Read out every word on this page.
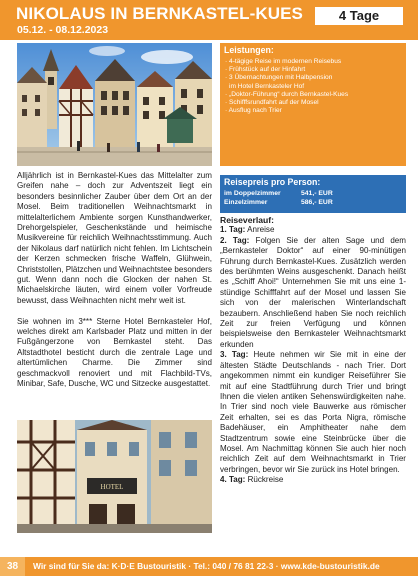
NIKOLAUS IN BERNKASTEL-KUES
05.12. - 08.12.2023
4 Tage
Leistungen:
· 4-tägige Reise im modernen Reisebus
· Frühstück auf der Hinfahrt
· 3 Übernachtungen mit Halbpension
im Hotel Bernkasteler Hof
· „Doktor-Führung“ durch Bernkastel-Kues
· Schifffsrundfahrt auf der Mosel
· Ausflug nach Trier
Reisepreis pro Person:
im Doppelzimmer	541,- EUR
Einzelzimmer	586,- EUR

Alljährlich ist in Bernkastel-Kues das Mittelalter zum Greifen nahe – doch zur Adventszeit liegt ein besonders besinnlicher Zauber über dem Ort an der Mosel. Beim traditionellen Weihnachtsmarkt in mittelalterlichem Ambiente sorgen Kunsthandwerker, Drehorgelspieler, Geschenkstände und heimische Musikvereine für reichlich Weihnachtsstimmung. Auch der Nikolaus darf natürlich nicht fehlen. Im Lichtschein der Kerzen schmecken frische Waffeln, Glühwein, Christstollen, Plätzchen und Weihnachtstee besonders gut. Wenn dann noch die Glocken der nahen St. Michaelskirche läuten, wird einem voller Vorfreude bewusst, dass Weihnachten nicht mehr weit ist.

Sie wohnen im 3*** Sterne Hotel Bernkasteler Hof, welches direkt am Karlsbader Platz und mitten in der Fußgängerzone von Bernkastel steht. Das Altstadthotel besticht durch die zentrale Lage und altertümlichen Charme. Die Zimmer sind geschmackvoll renoviert und mit Flachbild-TVs, Minibar, Safe, Dusche, WC und Sitzecke ausgestattet.

HOTEL
Reiseverlauf:
1. Tag: Anreise
2. Tag: Folgen Sie der alten Sage und dem „Bernkasteler Doktor“ auf einer 90-minütigen Führung durch Bernkastel-Kues. Zusätzlich werden des berühmten Weins ausgeschenkt. Danach heißt es „Schiff Ahoi!“ Unternehmen Sie mit uns eine 1-stündige Schifffahrt auf der Mosel und lassen Sie sich von der malerischen Winterlandschaft bezaubern. Anschließend haben Sie noch reichlich Zeit zur freien Verfügung und können beispielsweise den Bernkasteler Weihnachtsmarkt erkunden
3. Tag: Heute nehmen wir Sie mit in eine der ältesten Städte Deutschlands - nach Trier. Dort angekommen nimmt ein kundiger Reiseführer Sie mit auf eine Stadtführung durch Trier und bringt Ihnen die vielen antiken Sehenswürdigkeiten nahe. In Trier sind noch viele Bauwerke aus römischer Zeit erhalten, sei es das Porta Nigra, römische Badehäuser, ein Amphitheater nahe dem Stadtzentrum sowie eine Steinbrücke über die Mosel. Am Nachmittag können Sie auch hier noch reichlich Zeit auf dem Weihnachtsmarkt in Trier verbringen, bevor wir Sie zurück ins Hotel bringen.
4. Tag: Rückreise
38	Wir sind für Sie da: K·D·E Bustouristik · Tel.: 040 / 76 81 22-3 · www.kde-bustouristik.de
